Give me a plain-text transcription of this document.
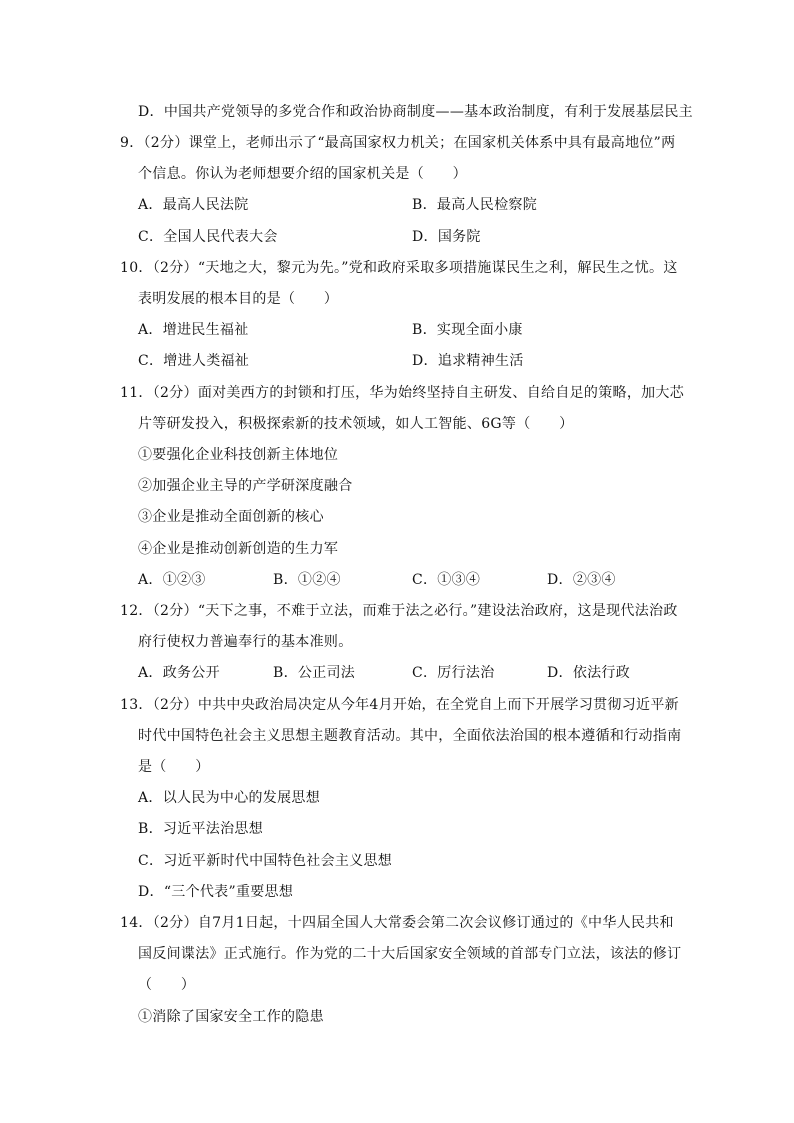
D．中国共产党领导的多党合作和政治协商制度——基本政治制度，有利于发展基层民主
9．（2分）课堂上，老师出示了“最高国家权力机关；在国家机关体系中具有最高地位”两
个信息。你认为老师想要介绍的国家机关是（　　）
A．最高人民法院	B．最高人民检察院
C．全国人民代表大会	D．国务院
10．（2分）“天地之大，黎元为先。”党和政府采取多项措施谋民生之利，解民生之忧。这
表明发展的根本目的是（　　）
A．增进民生福祉	B．实现全面小康
C．增进人类福祉	D．追求精神生活
11．（2分）面对美西方的封锁和打压，华为始终坚持自主研发、自给自足的策略，加大芯
片等研发投入，积极探索新的技术领域，如人工智能、6G等（　　）
①要强化企业科技创新主体地位
②加强企业主导的产学研深度融合
③企业是推动全面创新的核心
④企业是推动创新创造的生力军
A．①②③	B．①②④	C．①③④	D．②③④
12．（2分）“天下之事，不难于立法，而难于法之必行。”建设法治政府，这是现代法治政
府行使权力普遍奉行的基本准则。
A．政务公开	B．公正司法	C．厉行法治	D．依法行政
13．（2分）中共中央政治局决定从今年4月开始，在全党自上而下开展学习贯彻习近平新
时代中国特色社会主义思想主题教育活动。其中，全面依法治国的根本遵循和行动指南
是（　　）
A．以人民为中心的发展思想
B．习近平法治思想
C．习近平新时代中国特色社会主义思想
D．“三个代表”重要思想
14．（2分）自7月1日起，十四届全国人大常委会第二次会议修订通过的《中华人民共和
国反间谍法》正式施行。作为党的二十大后国家安全领域的首部专门立法，该法的修订
（　　）
①消除了国家安全工作的隐患
